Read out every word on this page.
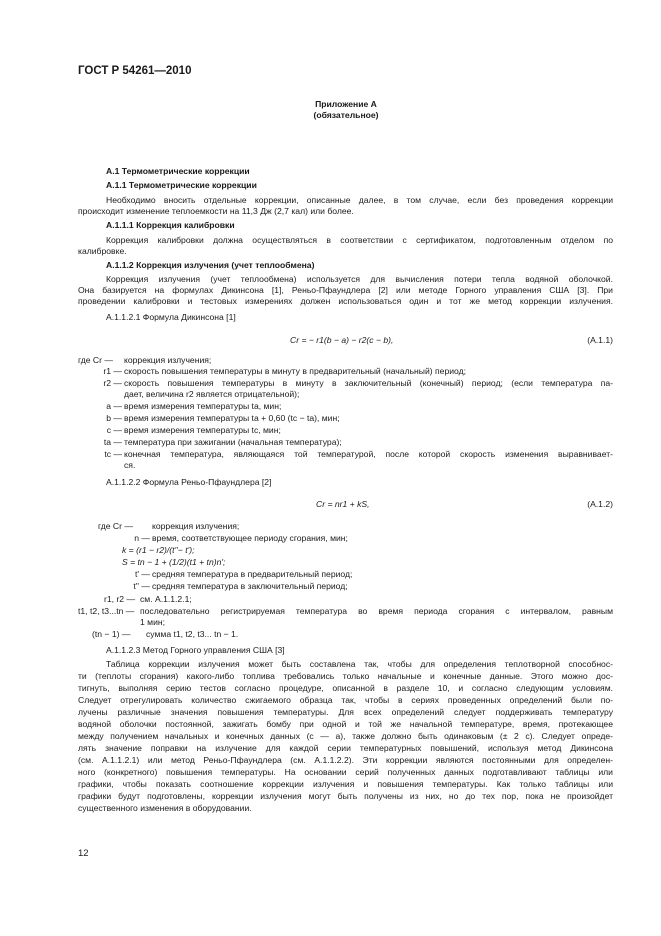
ГОСТ Р 54261—2010
Приложение А
(обязательное)
А.1 Термометрические коррекции
А.1.1 Термометрические коррекции
Необходимо вносить отдельные коррекции, описанные далее, в том случае, если без проведения коррекции
происходит изменение теплоемкости на 11,3 Дж (2,7 кал) или более.
А.1.1.1 Коррекция калибровки
Коррекция калибровки должна осуществляться в соответствии с сертификатом, подготовленным отделом по
калибровке.
А.1.1.2 Коррекция излучения (учет теплообмена)
Коррекция излучения (учет теплообмена) используется для вычисления потери тепла водяной оболочкой.
Она базируется на формулах Дикинсона [1], Реньо-Пфаундлера [2] или методе Горного управления США [3]. При
проведении калибровки и тестовых измерениях должен использоваться один и тот же метод коррекции излучения.
А.1.1.2.1 Формула Дикинсона [1]
Cr = − r1(b − a) − r2(c − b),	(А.1.1)
где Cr — коррекция излучения;
r1 — скорость повышения температуры в минуту в предварительный (начальный) период;
r2 — скорость повышения температуры в минуту в заключительный (конечный) период; (если температура па-
дает, величина r2 является отрицательной);
a — время измерения температуры ta, мин;
b — время измерения температуры ta + 0,60 (tc − ta), мин;
c — время измерения температуры tc, мин;
ta — температура при зажигании (начальная температура);
tc — конечная температура, являющаяся той температурой, после которой скорость изменения выравнивает-
ся.
А.1.1.2.2 Формула Реньо-Пфаундлера [2]
Cr = nr1 + kS,	(А.1.2)
где Cr — коррекция излучения;
n — время, соответствующее периоду сгорания, мин;
k = (r1 − r2)/(t''− t');
S = tn − 1 + (1/2)(t1 + tn)n';
t' — средняя температура в предварительный период;
t'' — средняя температура в заключительный период;
r1, r2 — см. А.1.1.2.1;
t1, t2, t3...tn — последовательно регистрируемая температура во время периода сгорания с интервалом, равным
1 мин;
(tn − 1) — сумма t1, t2, t3... tn − 1.
А.1.1.2.3 Метод Горного управления США [3]
Таблица коррекции излучения может быть составлена так, чтобы для определения теплотворной способнос-
ти (теплоты сгорания) какого-либо топлива требовались только начальные и конечные данные. Этого можно дос-
тигнуть, выполняя серию тестов согласно процедуре, описанной в разделе 10, и согласно следующим условиям.
Следует отрегулировать количество сжигаемого образца так, чтобы в сериях проведенных определений были по-
лучены различные значения повышения температуры. Для всех определений следует поддерживать температуру
водяной оболочки постоянной, зажигать бомбу при одной и той же начальной температуре, время, протекающее
между получением начальных и конечных данных (c — a), также должно быть одинаковым (± 2 с). Следует опреде-
лять значение поправки на излучение для каждой серии температурных повышений, используя метод Дикинсона
(см. А.1.1.2.1) или метод Реньо-Пфаундлера (см. А.1.1.2.2). Эти коррекции являются постоянными для определен-
ного (конкретного) повышения температуры. На основании серий полученных данных подготавливают таблицы или
графики, чтобы показать соотношение коррекции излучения и повышения температуры. Как только таблицы или
графики будут подготовлены, коррекции излучения могут быть получены из них, но до тех пор, пока не произойдет
существенного изменения в оборудовании.
12
